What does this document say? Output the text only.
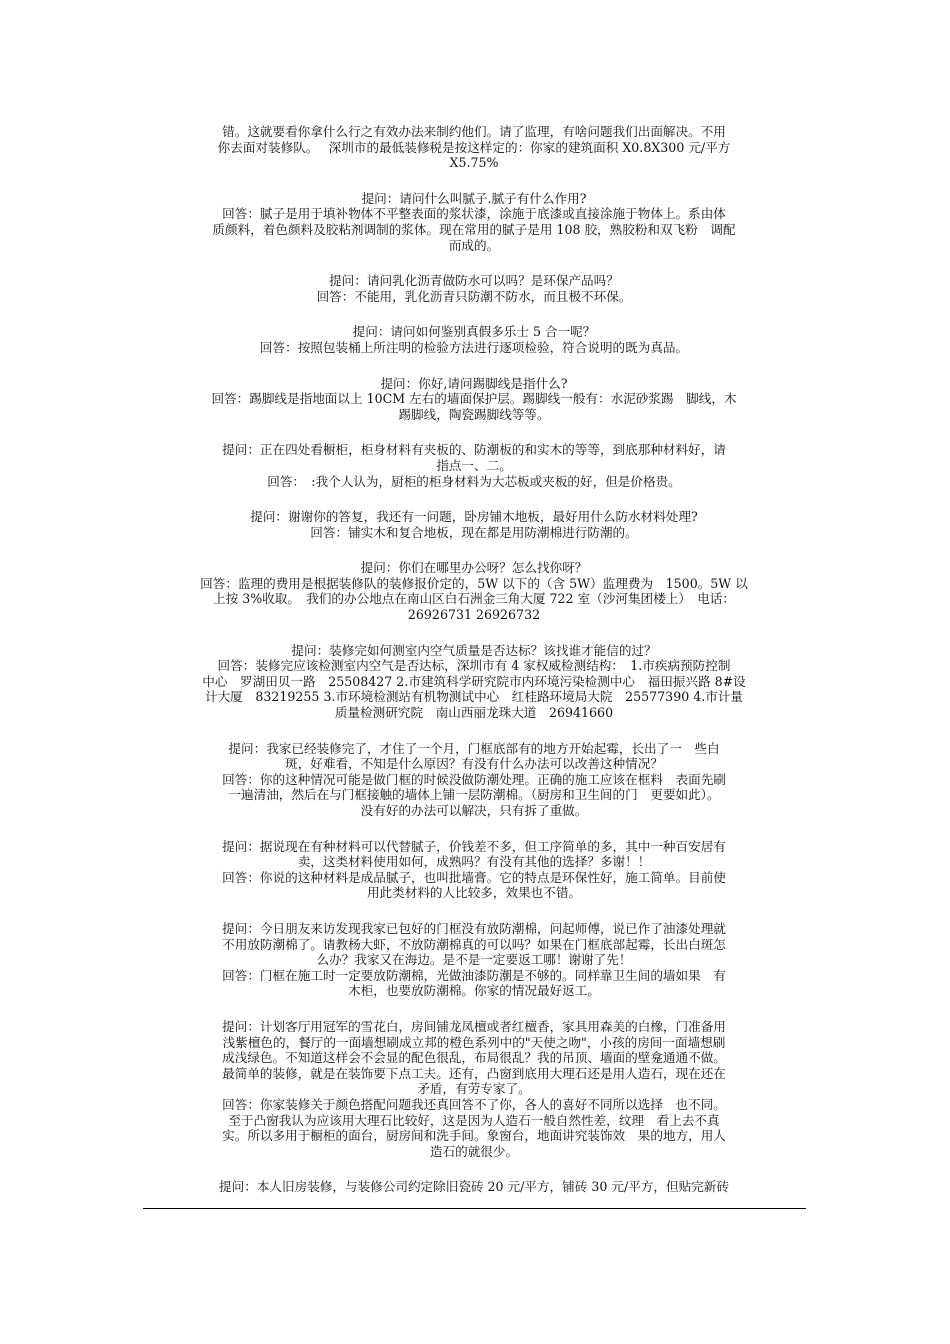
错。这就要看你拿什么行之有效办法来制约他们。请了监理，有啥问题我们出面解决。不用
你去面对装修队。　 深圳市的最低装修税是按这样定的：你家的建筑面积 X0.8X300 元/平方
X5.75%
提问：请问什么叫腻子.腻子有什么作用?
回答：腻子是用于填补物体不平整表面的浆状漆，涂施于底漆或直接涂施于物体上。系由体
质颜料，着色颜料及胶粘剂调制的浆体。现在常用的腻子是用 108 胶，熟胶粉和双飞粉　调配
而成的。
提问：请问乳化沥青做防水可以吗？是环保产品吗？
回答：不能用，乳化沥青只防潮不防水，而且极不环保。
提问：请问如何鉴别真假多乐士 5 合一呢？
回答：按照包装桶上所注明的检验方法进行逐项检验，符合说明的既为真品。
提问：你好,请问踢脚线是指什么?
回答：踢脚线是指地面以上 10CM 左右的墙面保护层。踢脚线一般有：水泥砂浆踢　脚线，木
踢脚线，陶瓷踢脚线等等。
提问：正在四处看橱柜，柜身材料有夹板的、防潮板的和实木的等等，到底那种材料好，请
指点一、二。
回答：　:我个人认为，厨柜的柜身材料为大芯板或夹板的好，但是价格贵。
提问：谢谢你的答复，我还有一问题，卧房铺木地板，最好用什么防水材料处理?
回答：铺实木和复合地板，现在都是用防潮棉进行防潮的。
提问：你们在哪里办公呀？怎么找你呀？
回答：监理的费用是根据装修队的装修报价定的，5W 以下的（含 5W）监理费为　1500。5W 以
上按 3%收取。　我们的办公地点在南山区白石洲金三角大厦 722 室（沙河集团楼上）　电话：
26926731 26926732
提问：装修完如何测室内空气质量是否达标？该找谁才能信的过？
回答：装修完应该检测室内空气是否达标，深圳市有 4 家权威检测结构：　1.市疾病预防控制
中心　罗湖田贝一路　25508427 2.市建筑科学研究院市内环境污染检测中心　福田振兴路 8#设
计大厦　83219255 3.市环境检测站有机物测试中心　红桂路环境局大院　25577390 4.市计量
质量检测研究院　南山西丽龙珠大道　26941660
提问：我家已经装修完了，才住了一个月，门框底部有的地方开始起霉，长出了一　些白
斑，好难看，不知是什么原因？有没有什么办法可以改善这种情况？
回答：你的这种情况可能是做门框的时候没做防潮处理。正确的施工应该在框料　表面先刷
一遍清油，然后在与门框接触的墙体上铺一层防潮棉。（厨房和卫生间的门　更要如此）。
没有好的办法可以解决，只有拆了重做。
提问：据说现在有种材料可以代替腻子，价钱差不多，但工序简单的多，其中一种百安居有
卖，这类材料使用如何，成熟吗？有没有其他的选择？多谢！！
回答：你说的这种材料是成品腻子，也叫批墙膏。它的特点是环保性好，施工简单。目前使
用此类材料的人比较多，效果也不错。
提问：今日朋友来访发现我家已包好的门框没有放防潮棉，问起师傅，说已作了油漆处理就
不用放防潮棉了。请教杨大虾，不放防潮棉真的可以吗？如果在门框底部起霉，长出白斑怎
么办？我家又在海边。是不是一定要返工哪！谢谢了先！
回答：门框在施工时一定要放防潮棉，光做油漆防潮是不够的。同样靠卫生间的墙如果　有
木柜，也要放防潮棉。你家的情况最好返工。
提问：计划客厅用冠军的雪花白，房间铺龙凤檀或者红檀香，家具用森美的白橡，门准备用
浅紫檀色的，餐厅的一面墙想刷成立邦的橙色系列中的"天使之吻"，小孩的房间一面墙想刷
成浅绿色。不知道这样会不会显的配色很乱，布局很乱？我的吊顶、墙面的壁龛通通不做。
最简单的装修，就是在装饰要下点工夫。还有，凸窗到底用大理石还是用人造石，现在还在
矛盾，有劳专家了。
回答：你家装修关于颜色搭配问题我还真回答不了你，各人的喜好不同所以选择　也不同。
至于凸窗我认为应该用大理石比较好，这是因为人造石一般自然性差，纹理　看上去不真
实。所以多用于橱柜的面台，厨房间和洗手间。象窗台，地面讲究装饰效　果的地方，用人
造石的就很少。
提问：本人旧房装修，与装修公司约定除旧瓷砖 20 元/平方，铺砖 30 元/平方，但贴完新砖
